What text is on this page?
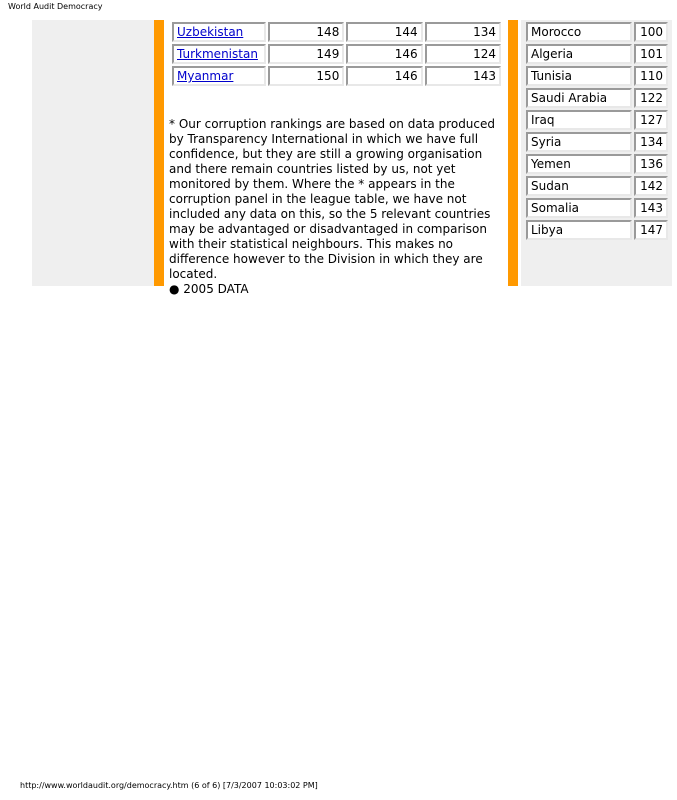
World Audit Democracy
Uzbekistan	148	144	134
Turkmenistan	149	146	124
Myanmar	150	146	143

* Our corruption rankings are based on data produced by Transparency International in which we have full confidence, but they are still a growing organisation and there remain countries listed by us, not yet monitored by them. Where the * appears in the corruption panel in the league table, we have not included any data on this, so the 5 relevant countries may be advantaged or disadvantaged in comparison with their statistical neighbours. This makes no difference however to the Division in which they are located.
● 2005 DATA

Morocco	100
Algeria	101
Tunisia	110
Saudi Arabia	122
Iraq	127
Syria	134
Yemen	136
Sudan	142
Somalia	143
Libya	147
http://www.worldaudit.org/democracy.htm (6 of 6) [7/3/2007 10:03:02 PM]
